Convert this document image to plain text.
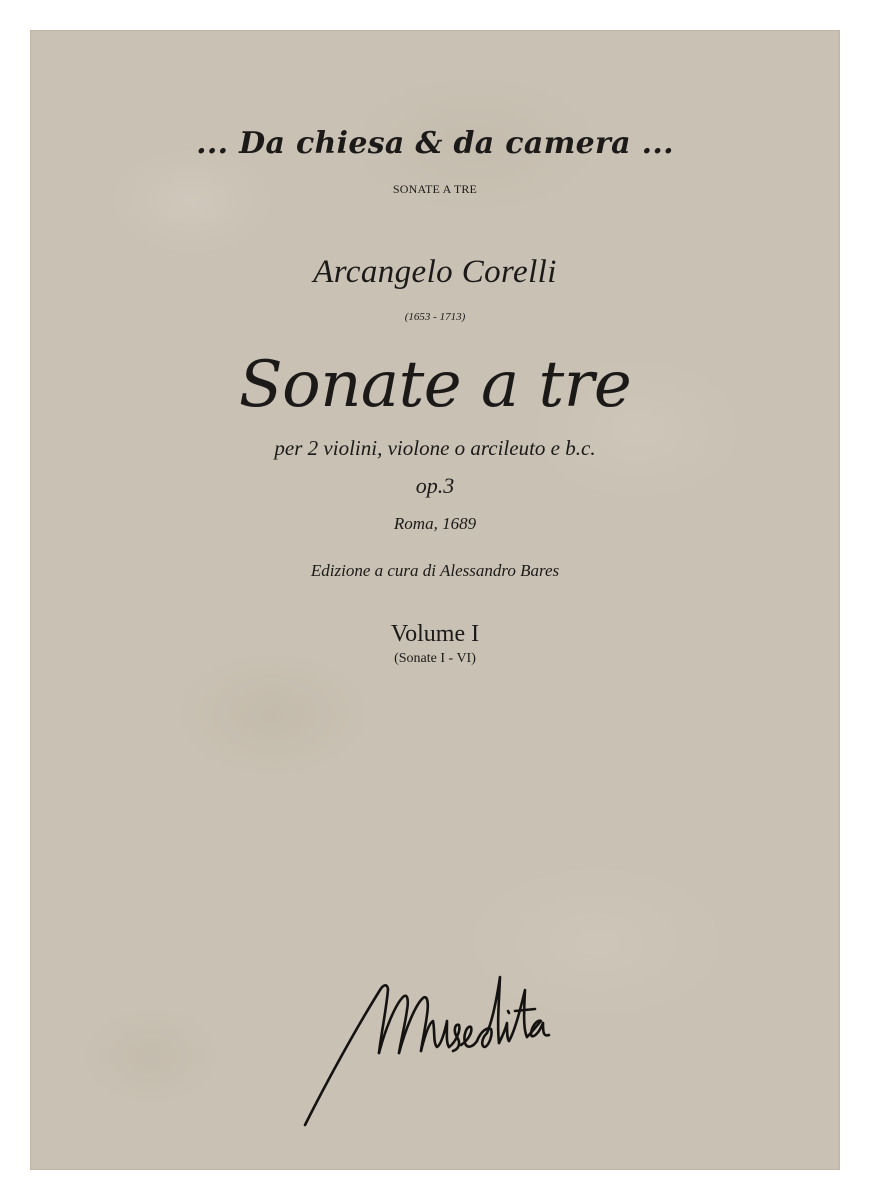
... Da chiesa & da camera ...
SONATE A TRE
Arcangelo Corelli
(1653 - 1713)
Sonate a tre
per 2 violini, violone o arcileuto e b.c.
op.3
Roma, 1689
Edizione a cura di Alessandro Bares
Volume I
(Sonate I - VI)
